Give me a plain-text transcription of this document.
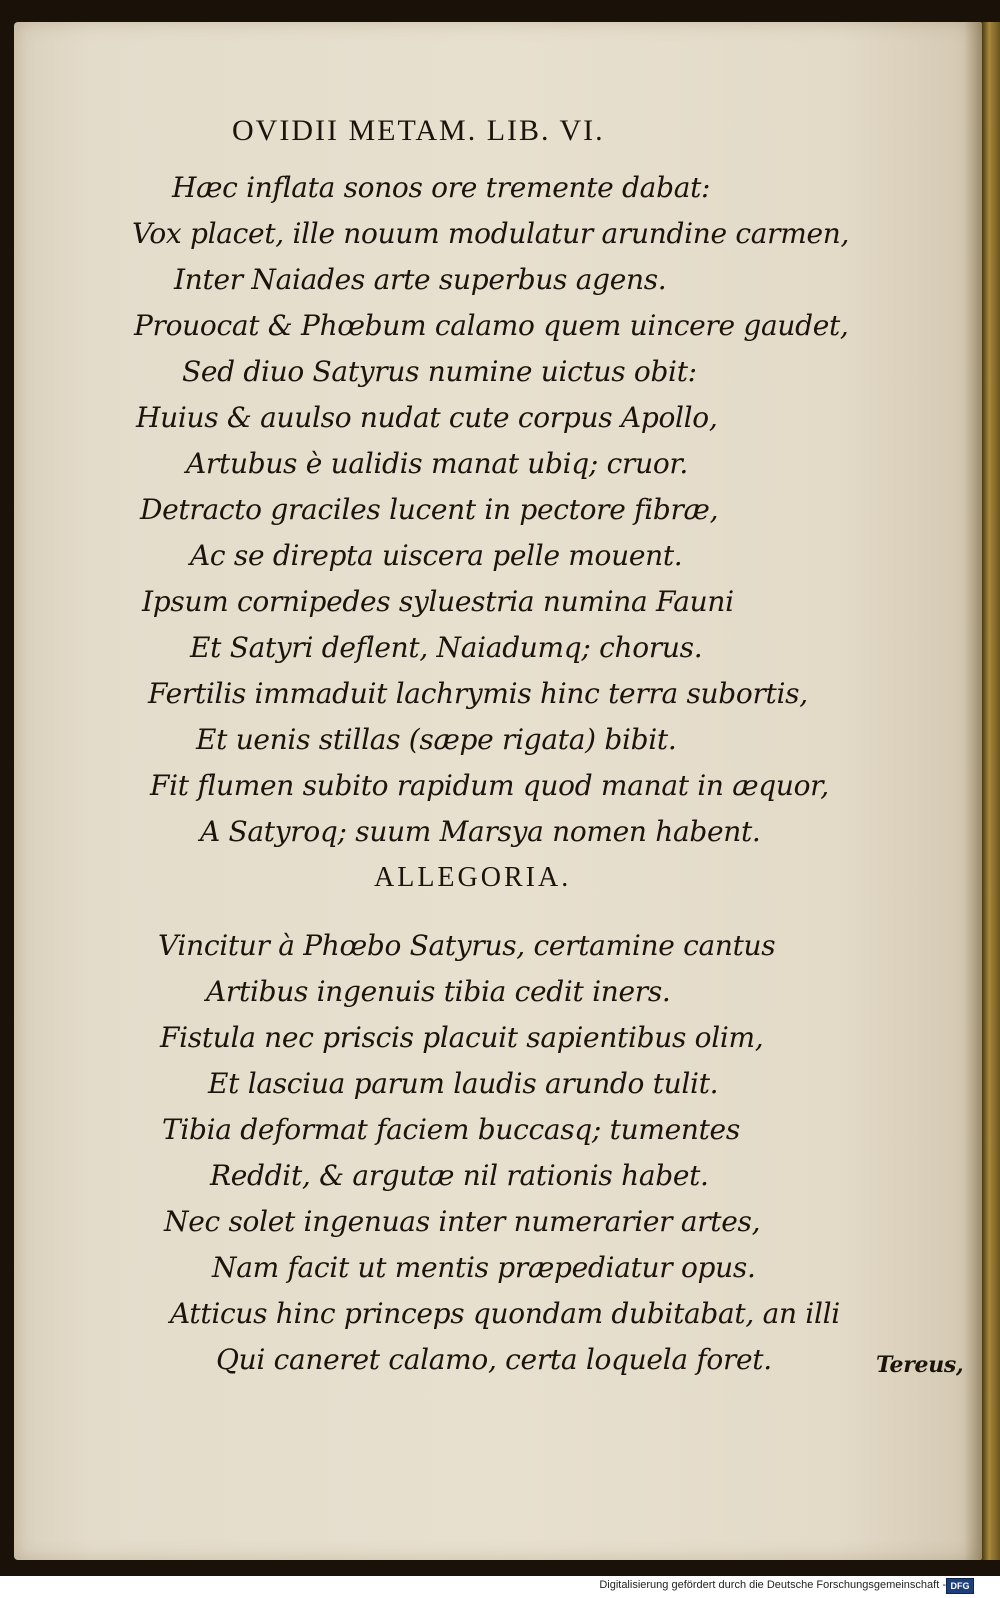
OVIDII METAM. LIB. VI.
Hæc inflata sonos ore tremente dabat:
Vox placet, ille nouum modulatur arundine carmen,
Inter Naiades arte superbus agens.
Prouocat & Phœbum calamo quem uincere gaudet,
Sed diuo Satyrus numine uictus obit:
Huius & auulso nudat cute corpus Apollo,
Artubus è ualidis manat ubiq; cruor.
Detracto graciles lucent in pectore fibræ,
Ac se direpta uiscera pelle mouent.
Ipsum cornipedes syluestria numina Fauni
Et Satyri deflent, Naiadumq; chorus.
Fertilis immaduit lachrymis hinc terra subortis,
Et uenis stillas (sæpe rigata) bibit.
Fit flumen subito rapidum quod manat in æquor,
A Satyroq; suum Marsya nomen habent.
ALLEGORIA.
Vincitur à Phœbo Satyrus, certamine cantus
Artibus ingenuis tibia cedit iners.
Fistula nec priscis placuit sapientibus olim,
Et lasciua parum laudis arundo tulit.
Tibia deformat faciem buccasq; tumentes
Reddit, & argutæ nil rationis habet.
Nec solet ingenuas inter numerarier artes,
Nam facit ut mentis præpediatur opus.
Atticus hinc princeps quondam dubitabat, an illi
Qui caneret calamo, certa loquela foret.	Tereus,
Digitalisierung gefördert durch die Deutsche Forschungsgemeinschaft - DFG
